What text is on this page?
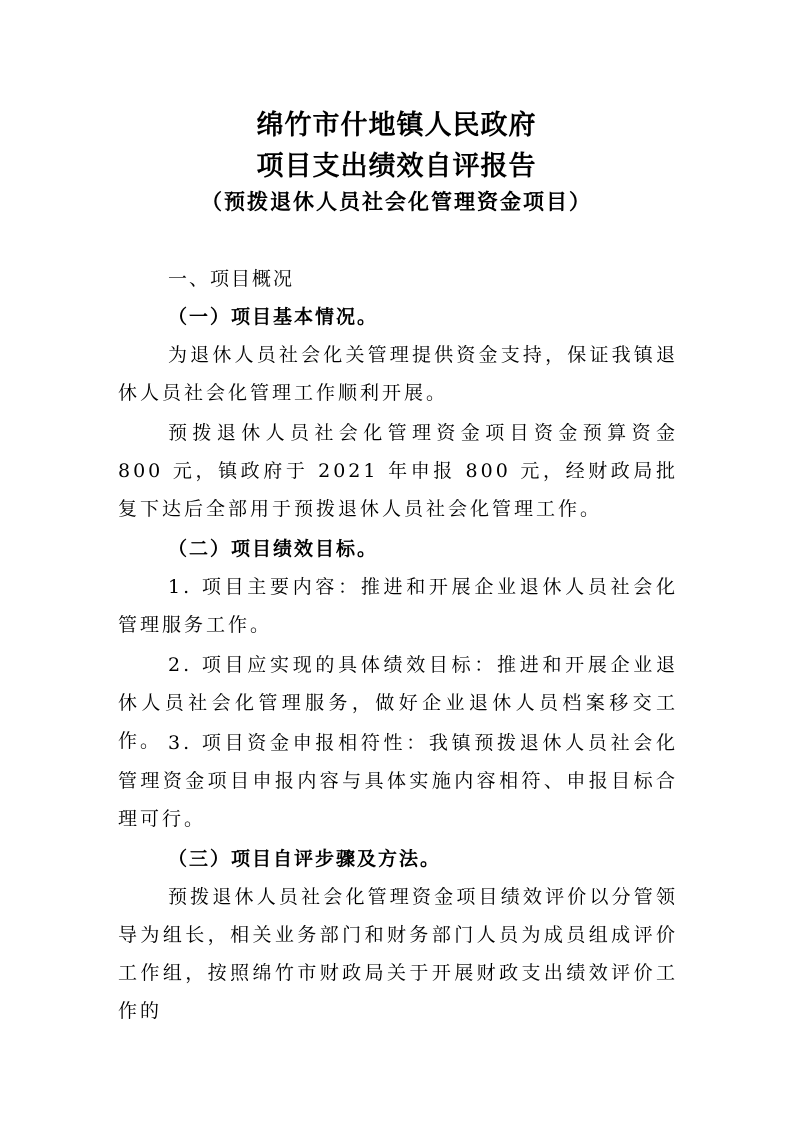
绵竹市什地镇人民政府
项目支出绩效自评报告
（预拨退休人员社会化管理资金项目）

一、项目概况

（一）项目基本情况。

为退休人员社会化关管理提供资金支持，保证我镇退休人员社会化管理工作顺利开展。

预拨退休人员社会化管理资金项目资金预算资金 800 元，镇政府于 2021 年申报 800 元，经财政局批复下达后全部用于预拨退休人员社会化管理工作。

（二）项目绩效目标。

1. 项目主要内容：推进和开展企业退休人员社会化管理服务工作。

2. 项目应实现的具体绩效目标：推进和开展企业退休人员社会化管理服务，做好企业退休人员档案移交工作。 3. 项目资金申报相符性：我镇预拨退休人员社会化管理资金项目申报内容与具体实施内容相符、申报目标合理可行。

（三）项目自评步骤及方法。

预拨退休人员社会化管理资金项目绩效评价以分管领导为组长，相关业务部门和财务部门人员为成员组成评价工作组，按照绵竹市财政局关于开展财政支出绩效评价工作的
